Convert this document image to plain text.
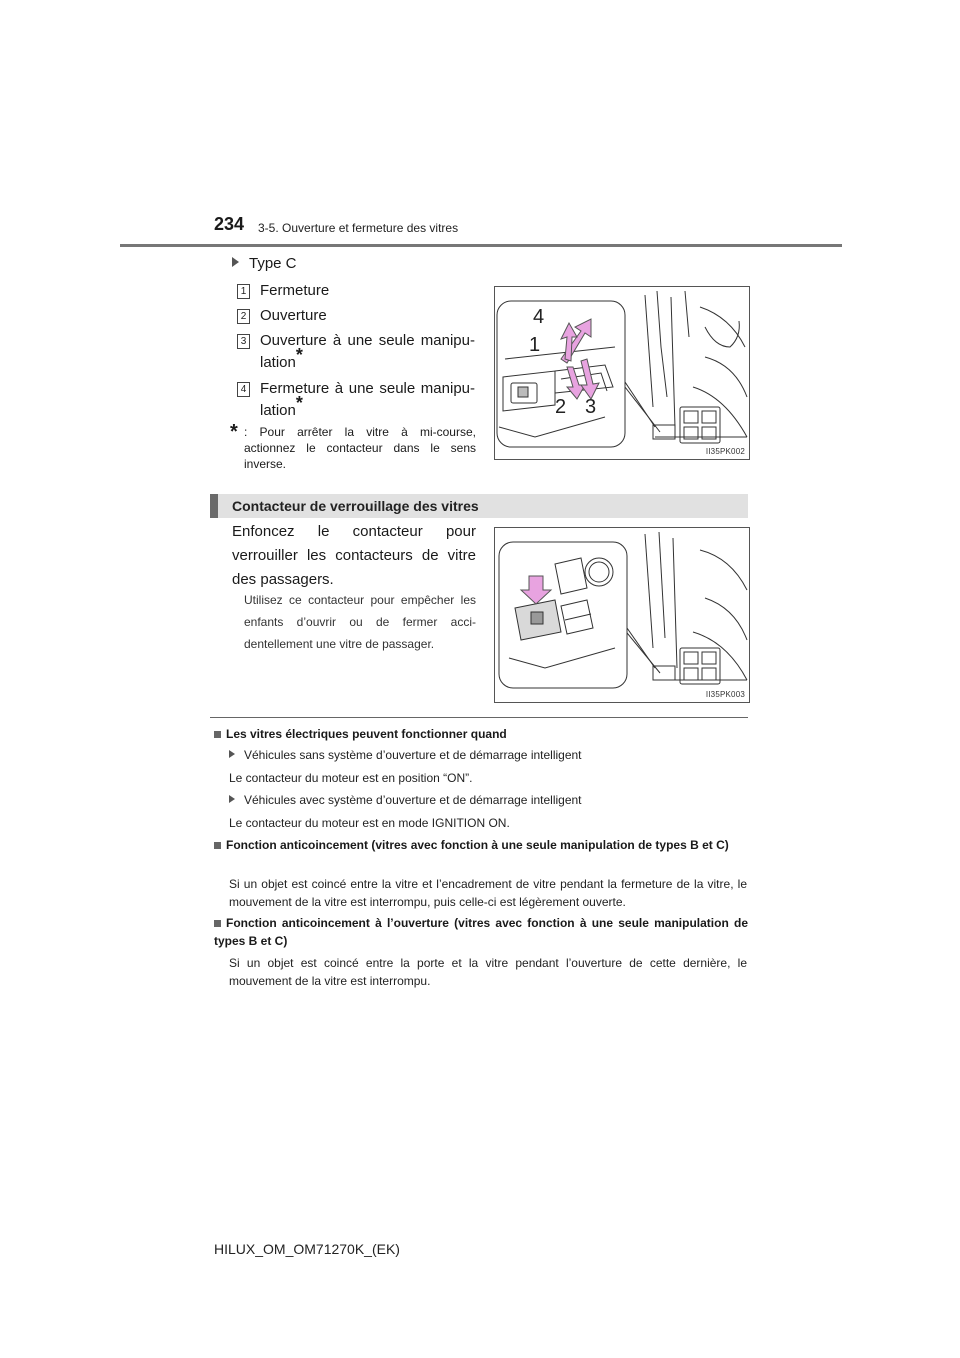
234 3-5. Ouverture et fermeture des vitres
Type C
1 Fermeture
2 Ouverture
3 Ouverture à une seule manipulation*
4 Fermeture à une seule manipulation*
* : Pour arrêter la vitre à mi-course, actionnez le contacteur dans le sens inverse.
4
1
2 3
II35PK002
Contacteur de verrouillage des vitres
Enfoncez le contacteur pour verrouiller les contacteurs de vitre des passagers.
Utilisez ce contacteur pour empêcher les enfants d’ouvrir ou de fermer accidentellement une vitre de passager.
II35PK003
Les vitres électriques peuvent fonctionner quand
Véhicules sans système d’ouverture et de démarrage intelligent
Le contacteur du moteur est en position “ON”.
Véhicules avec système d’ouverture et de démarrage intelligent
Le contacteur du moteur est en mode IGNITION ON.
Fonction anticoincement (vitres avec fonction à une seule manipulation de types B et C)
Si un objet est coincé entre la vitre et l’encadrement de vitre pendant la fermeture de la vitre, le mouvement de la vitre est interrompu, puis celle-ci est légèrement ouverte.
Fonction anticoincement à l’ouverture (vitres avec fonction à une seule manipulation de types B et C)
Si un objet est coincé entre la porte et la vitre pendant l’ouverture de cette dernière, le mouvement de la vitre est interrompu.
HILUX_OM_OM71270K_(EK)
